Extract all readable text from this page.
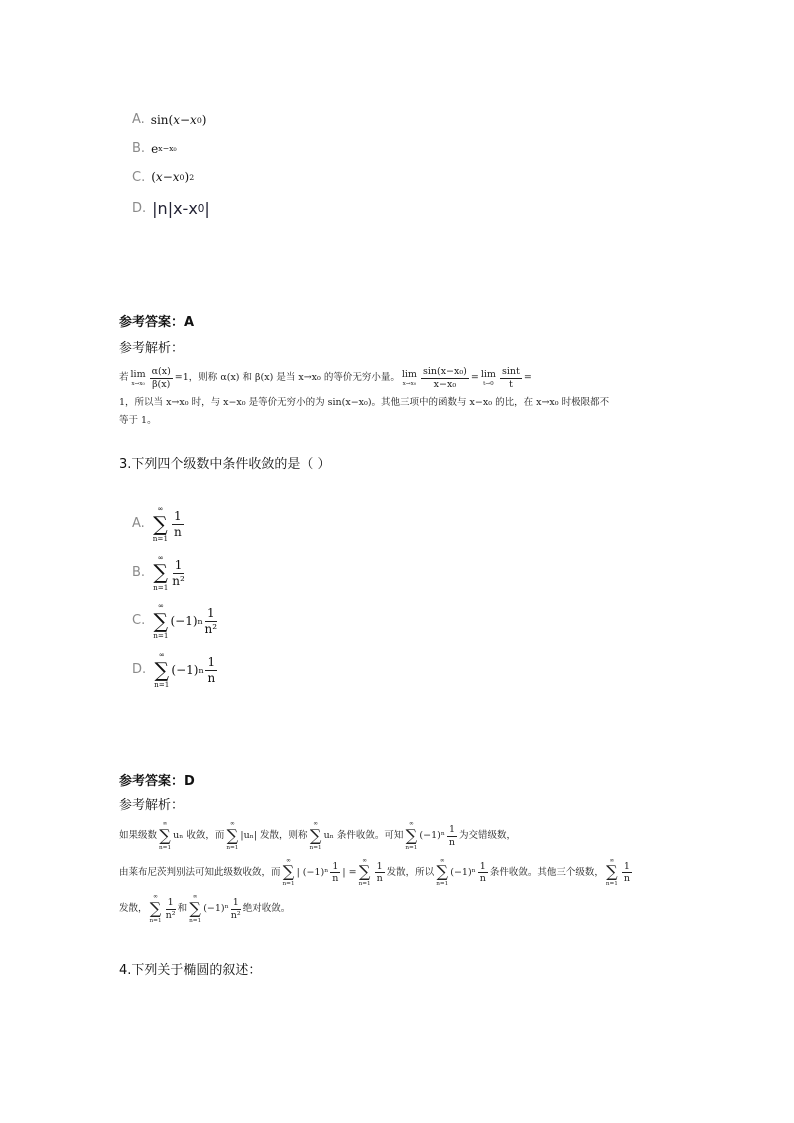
A. sin( x − x 0 )
B. e x−x₀
C. ( x − x 0 ) 2
D. |n|x-x 0 |
参考答案：A
参考解析：
若 lim
$x\to x_0 \frac{\alpha(x)}{\beta(x)} =1$，则称 α(x) 和 β(x) 是当 x→x₀ 的等价无穷小量。 lim
$x\to x_0 \frac{\text{sin(x−x₀)}}{\text{x−x₀}} = \lim$
$t\to 0 \frac{\sin t}{t}$ =
1，所以当 x→x₀ 时，与 x−x₀ 是等价无穷小的为 sin(x−x₀)。其他三项中的函数与 x−x₀ 的比，在 x→x₀ 时极限都不
等于 1。
3.下列四个级数中条件收敛的是（ ）
A.
∞
∑
$n=1 \frac{1}{n}$
B.
∞
∑
$n=1 \frac{1}{\text{n²}}$
C.
∞
∑
n=1
(−1) n $\frac{1}{\text{n²}}$
D.
∞
∑
n=1
(−1) n $\frac{1}{n}$
参考答案：D
参考解析：
如果级数
∞
∑
n=1
uₙ 收敛，而
∞
∑
n=1
|uₙ| 发散，则称
∞
∑
n=1
uₙ 条件收敛。可知
∞
∑
n=1
$(-1)^n \frac{1}{n}$ 为交错级数，
由莱布尼茨判别法可知此级数收敛，而
∞
∑
n=1
| $(-1)^n \frac{1}{n}$ | =
∞
∑
$n=1 \frac{1}{n}$ 发散，所以
∞
∑
n=1
$(-1)^n \frac{1}{n}$ 条件收敛。其他三个级数，
∞
∑
$n=1 \frac{1}{n}$
发散，
∞
∑
$n=1 \frac{1}{\text{n²}}$ 和
∞
∑
n=1
$(-1)^n \frac{1}{\text{n²}}$ 绝对收敛。
4.下列关于椭圆的叙述：
